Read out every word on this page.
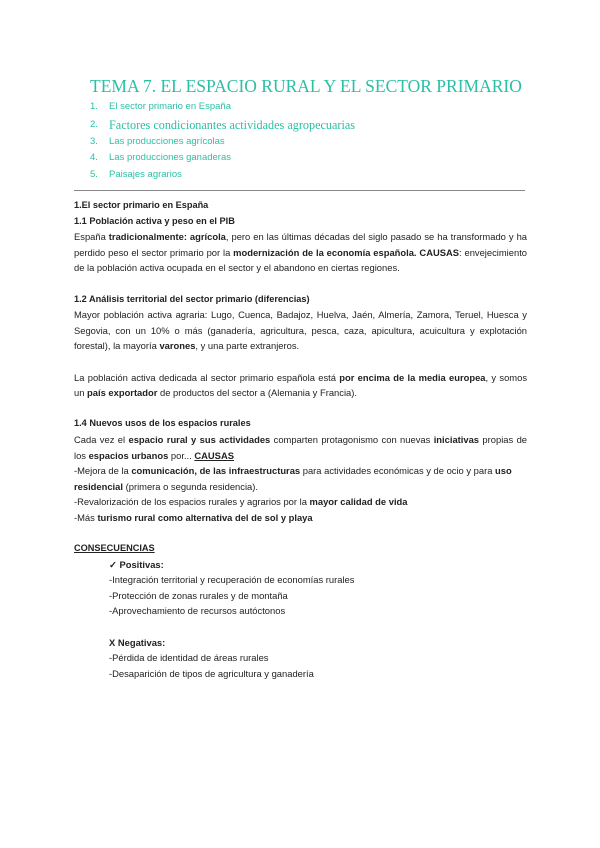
TEMA 7. EL ESPACIO RURAL Y EL SECTOR PRIMARIO
1. El sector primario en España
2. Factores condicionantes actividades agropecuarias
3. Las producciones agrícolas
4. Las producciones ganaderas
5. Paisajes agrarios

1.El sector primario en España

1.1 Población activa y peso en el PIB

España tradicionalmente: agrícola, pero en las últimas décadas del siglo pasado se ha transformado y ha perdido peso el sector primario por la modernización de la economía española. CAUSAS: envejecimiento de la población activa ocupada en el sector y el abandono en ciertas regiones.

1.2 Análisis territorial del sector primario (diferencias)

Mayor población activa agraria: Lugo, Cuenca, Badajoz, Huelva, Jaén, Almería, Zamora, Teruel, Huesca y Segovia, con un 10% o más (ganadería, agricultura, pesca, caza, apicultura, acuicultura y explotación forestal), la mayoría varones, y una parte extranjeros.

La población activa dedicada al sector primario española está por encima de la media europea, y somos un país exportador de productos del sector a (Alemania y Francia).

1.4 Nuevos usos de los espacios rurales

Cada vez el espacio rural y sus actividades comparten protagonismo con nuevas iniciativas propias de los espacios urbanos por... CAUSAS

-Mejora de la comunicación, de las infraestructuras para actividades económicas y de ocio y para uso residencial (primera o segunda residencia).

-Revalorización de los espacios rurales y agrarios por la mayor calidad de vida

-Más turismo rural como alternativa del de sol y playa

CONSECUENCIAS

✓ Positivas:

-Integración territorial y recuperación de economías rurales

-Protección de zonas rurales y de montaña

-Aprovechamiento de recursos autóctonos

X Negativas:

-Pérdida de identidad de áreas rurales

-Desaparición de tipos de agricultura y ganadería
